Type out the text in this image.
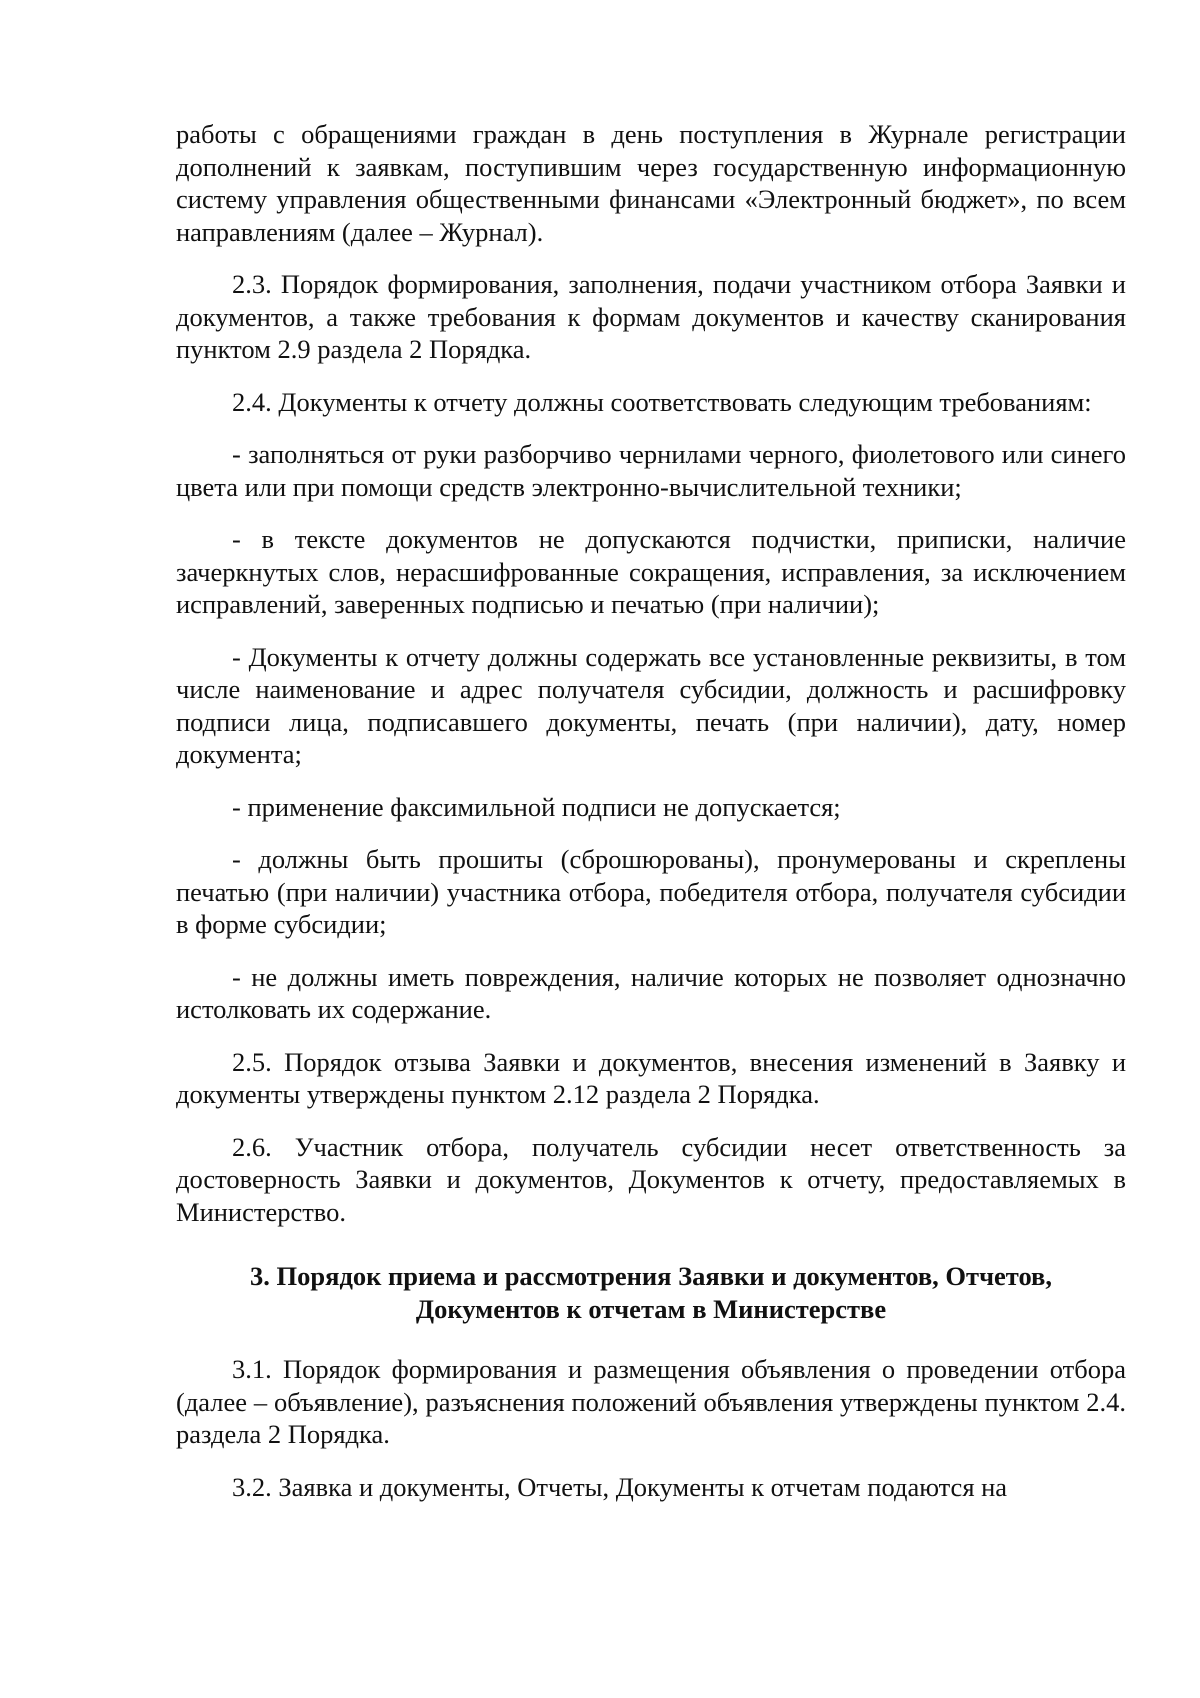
работы с обращениями граждан в день поступления в Журнале регистрации дополнений к заявкам, поступившим через государственную информационную систему управления общественными финансами «Электронный бюджет», по всем направлениям (далее – Журнал).

2.3. Порядок формирования, заполнения, подачи участником отбора Заявки и документов, а также требования к формам документов и качеству сканирования пунктом 2.9 раздела 2 Порядка.

2.4. Документы к отчету должны соответствовать следующим требованиям:

- заполняться от руки разборчиво чернилами черного, фиолетового или синего цвета или при помощи средств электронно-вычислительной техники;

- в тексте документов не допускаются подчистки, приписки, наличие зачеркнутых слов, нерасшифрованные сокращения, исправления, за исключением исправлений, заверенных подписью и печатью (при наличии);

- Документы к отчету должны содержать все установленные реквизиты, в том числе наименование и адрес получателя субсидии, должность и расшифровку подписи лица, подписавшего документы, печать (при наличии), дату, номер документа;

- применение факсимильной подписи не допускается;

- должны быть прошиты (сброшюрованы), пронумерованы и скреплены печатью (при наличии) участника отбора, победителя отбора, получателя субсидии в форме субсидии;

- не должны иметь повреждения, наличие которых не позволяет однозначно истолковать их содержание.

2.5. Порядок отзыва Заявки и документов, внесения изменений в Заявку и документы утверждены пунктом 2.12 раздела 2 Порядка.

2.6. Участник отбора, получатель субсидии несет ответственность за достоверность Заявки и документов, Документов к отчету, предоставляемых в Министерство.

3. Порядок приема и рассмотрения Заявки и документов, Отчетов,
Документов к отчетам в Министерстве

3.1. Порядок формирования и размещения объявления о проведении отбора (далее – объявление), разъяснения положений объявления утверждены пунктом 2.4. раздела 2 Порядка.

3.2. Заявка и документы, Отчеты, Документы к отчетам подаются на
